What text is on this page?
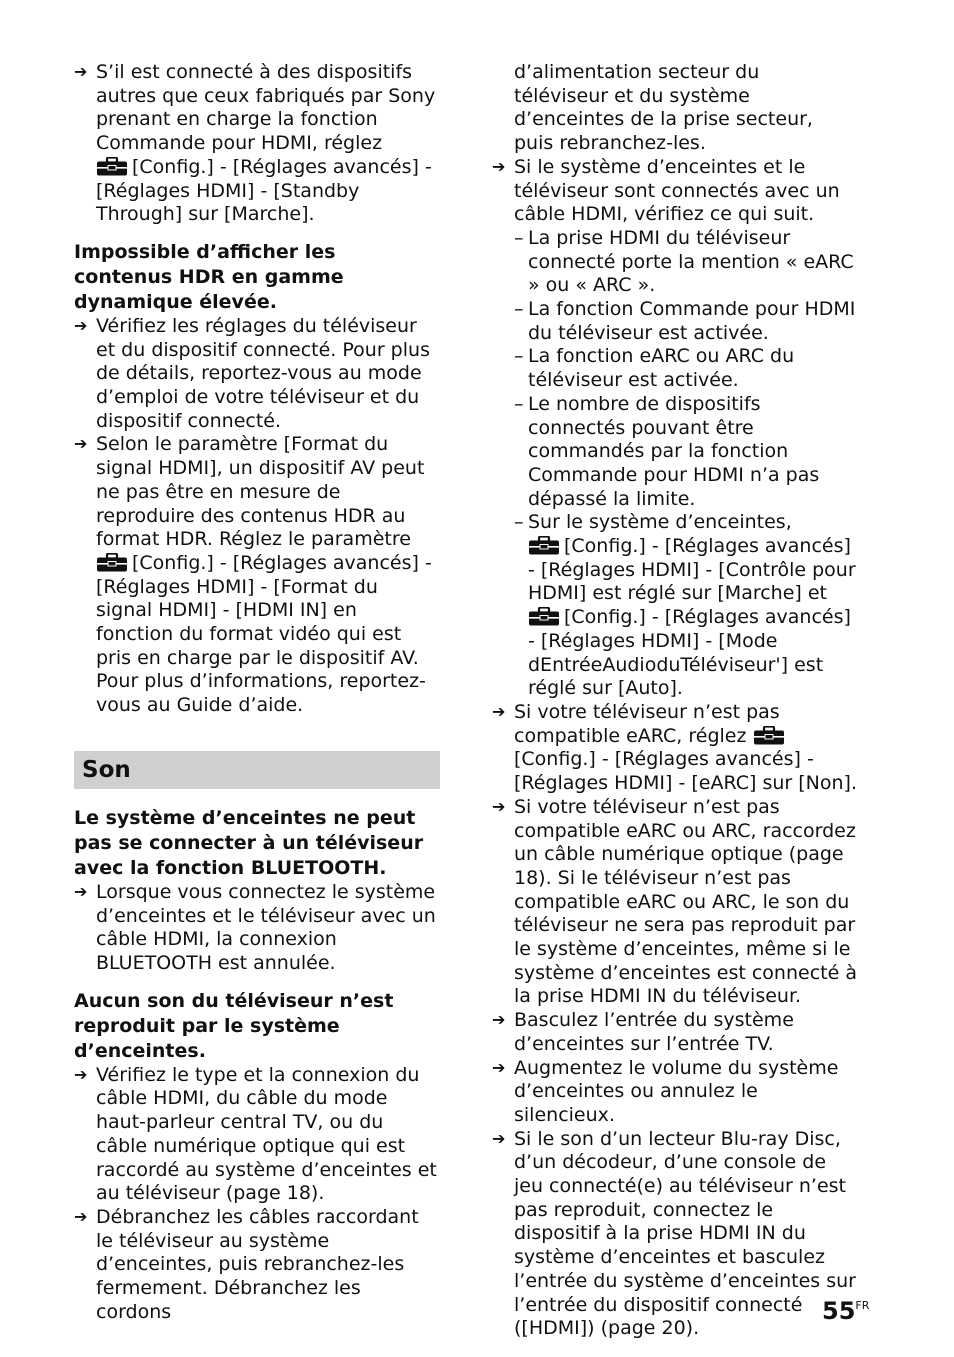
➔ S’il est connecté à des dispositifs autres que ceux fabriqués par Sony prenant en charge la fonction Commande pour HDMI, réglez

[Config.] - [Réglages avancés] - [Réglages HDMI] - [Standby Through] sur [Marche].
Impossible d’afficher les contenus HDR en gamme dynamique élevée.
➔ Vérifiez les réglages du téléviseur et du dispositif connecté. Pour plus de détails, reportez-vous au mode d’emploi de votre téléviseur et du dispositif connecté.
➔ Selon le paramètre [Format du signal HDMI], un dispositif AV peut ne pas être en mesure de reproduire des contenus HDR au format HDR. Réglez le paramètre
[Config.] - [Réglages avancés] - [Réglages HDMI] - [Format du signal HDMI] - [HDMI IN] en fonction du format vidéo qui est pris en charge par le dispositif AV. Pour plus d’informations, reportez-vous au Guide d’aide.
Son
Le système d’enceintes ne peut pas se connecter à un téléviseur avec la fonction BLUETOOTH.
➔ Lorsque vous connectez le système d’enceintes et le téléviseur avec un câble HDMI, la connexion BLUETOOTH est annulée.
Aucun son du téléviseur n’est reproduit par le système d’enceintes.
➔ Vérifiez le type et la connexion du câble HDMI, du câble du mode haut-parleur central TV, ou du câble numérique optique qui est raccordé au système d’enceintes et au téléviseur (page 18).
➔ Débranchez les câbles raccordant le téléviseur au système d’enceintes, puis rebranchez-les fermement. Débranchez les cordons
d’alimentation secteur du téléviseur et du système d’enceintes de la prise secteur, puis rebranchez-les.
➔ Si le système d’enceintes et le téléviseur sont connectés avec un câble HDMI, vérifiez ce qui suit.
– La prise HDMI du téléviseur connecté porte la mention « eARC » ou « ARC ».
– La fonction Commande pour HDMI du téléviseur est activée.
– La fonction eARC ou ARC du téléviseur est activée.
– Le nombre de dispositifs connectés pouvant être commandés par la fonction Commande pour HDMI n’a pas dépassé la limite.
– Sur le système d’enceintes,

[Config.] - [Réglages avancés] - [Réglages HDMI] - [Contrôle pour HDMI] est réglé sur [Marche] et

[Config.] - [Réglages avancés] - [Réglages HDMI] - [Mode dEntréeAudioduTéléviseur'] est réglé sur [Auto].
➔ Si votre téléviseur n’est pas compatible eARC, réglez
[Config.] - [Réglages avancés] - [Réglages HDMI] - [eARC] sur [Non].
➔ Si votre téléviseur n’est pas compatible eARC ou ARC, raccordez un câble numérique optique (page 18). Si le téléviseur n’est pas compatible eARC ou ARC, le son du téléviseur ne sera pas reproduit par le système d’enceintes, même si le système d’enceintes est connecté à la prise HDMI IN du téléviseur.
➔ Basculez l’entrée du système d’enceintes sur l’entrée TV.
➔ Augmentez le volume du système d’enceintes ou annulez le silencieux.
➔ Si le son d’un lecteur Blu-ray Disc, d’un décodeur, d’une console de jeu connecté(e) au téléviseur n’est pas reproduit, connectez le dispositif à la prise HDMI IN du système d’enceintes et basculez l’entrée du système d’enceintes sur l’entrée du dispositif connecté ([HDMI]) (page 20).
$55^{FR}$
